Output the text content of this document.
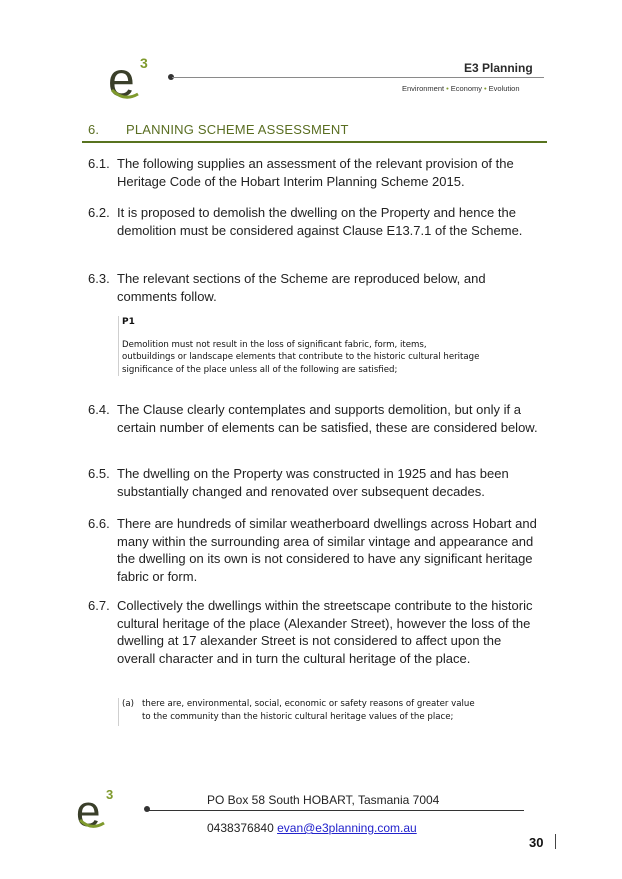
e 3	E3 Planning
Environment • Economy • Evolution
6. PLANNING SCHEME ASSESSMENT
6.1. The following supplies an assessment of the relevant provision of the Heritage Code of the Hobart Interim Planning Scheme 2015.
6.2. It is proposed to demolish the dwelling on the Property and hence the demolition must be considered against Clause E13.7.1 of the Scheme.
6.3. The relevant sections of the Scheme are reproduced below, and comments follow.
P1
Demolition must not result in the loss of significant fabric, form, items,
outbuildings or landscape elements that contribute to the historic cultural heritage
significance of the place unless all of the following are satisfied;
6.4. The Clause clearly contemplates and supports demolition, but only if a certain number of elements can be satisfied, these are considered below.
6.5. The dwelling on the Property was constructed in 1925 and has been substantially changed and renovated over subsequent decades.
6.6. There are hundreds of similar weatherboard dwellings across Hobart and many within the surrounding area of similar vintage and appearance and the dwelling on its own is not considered to have any significant heritage fabric or form.
6.7. Collectively the dwellings within the streetscape contribute to the historic cultural heritage of the place (Alexander Street), however the loss of the dwelling at 17 alexander Street is not considered to affect upon the overall character and in turn the cultural heritage of the place.
(a) there are, environmental, social, economic or safety reasons of greater value
to the community than the historic cultural heritage values of the place;
e 3	PO Box 58 South HOBART, Tasmania 7004
0438376840 evan@e3planning.com.au
30
